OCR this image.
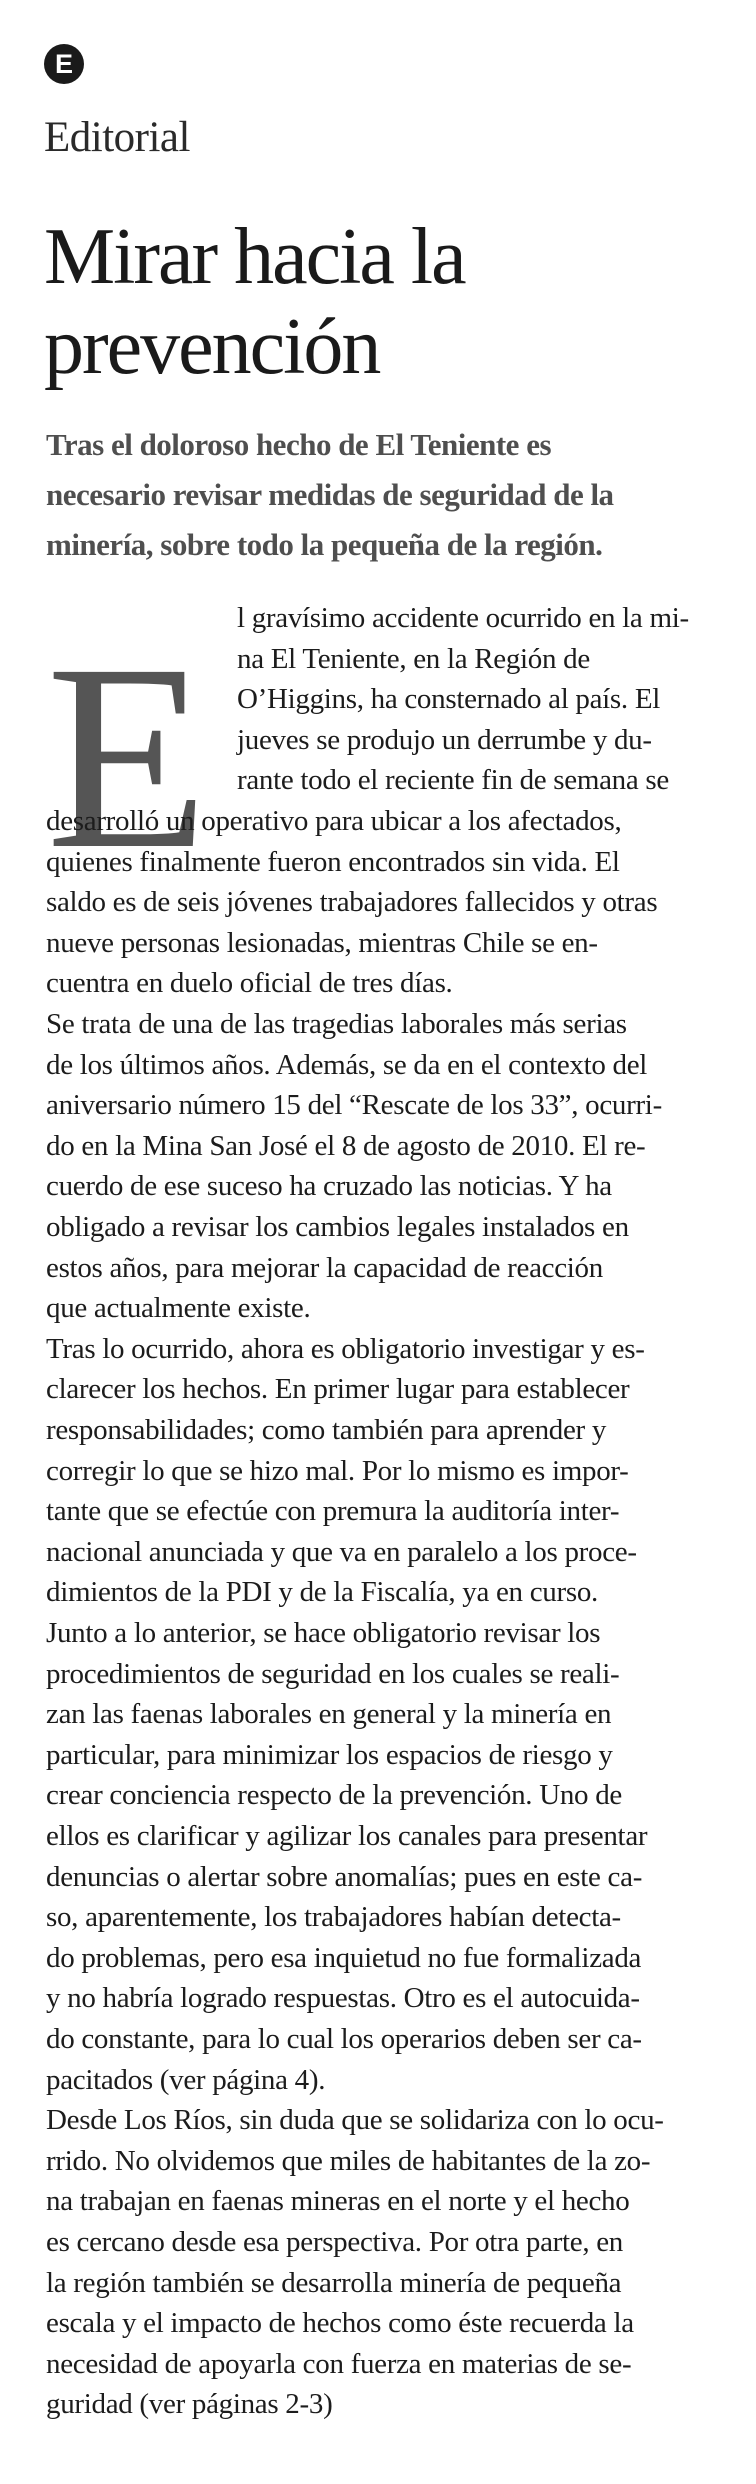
E
Editorial
Mirar hacia la
prevención

Tras el doloroso hecho de El Teniente es
necesario revisar medidas de seguridad de la
minería, sobre todo la pequeña de la región.

E l gravísimo accidente ocurrido en la mi-
na El Teniente, en la Región de
O’Higgins, ha consternado al país. El
jueves se produjo un derrumbe y du-
rante todo el reciente fin de semana se
desarrolló un operativo para ubicar a los afectados,
quienes finalmente fueron encontrados sin vida. El
saldo es de seis jóvenes trabajadores fallecidos y otras
nueve personas lesionadas, mientras Chile se en-
cuentra en duelo oficial de tres días.
Se trata de una de las tragedias laborales más serias
de los últimos años. Además, se da en el contexto del
aniversario número 15 del “Rescate de los 33”, ocurri-
do en la Mina San José el 8 de agosto de 2010. El re-
cuerdo de ese suceso ha cruzado las noticias. Y ha
obligado a revisar los cambios legales instalados en
estos años, para mejorar la capacidad de reacción
que actualmente existe.
Tras lo ocurrido, ahora es obligatorio investigar y es-
clarecer los hechos. En primer lugar para establecer
responsabilidades; como también para aprender y
corregir lo que se hizo mal. Por lo mismo es impor-
tante que se efectúe con premura la auditoría inter-
nacional anunciada y que va en paralelo a los proce-
dimientos de la PDI y de la Fiscalía, ya en curso.
Junto a lo anterior, se hace obligatorio revisar los
procedimientos de seguridad en los cuales se reali-
zan las faenas laborales en general y la minería en
particular, para minimizar los espacios de riesgo y
crear conciencia respecto de la prevención. Uno de
ellos es clarificar y agilizar los canales para presentar
denuncias o alertar sobre anomalías; pues en este ca-
so, aparentemente, los trabajadores habían detecta-
do problemas, pero esa inquietud no fue formalizada
y no habría logrado respuestas. Otro es el autocuida-
do constante, para lo cual los operarios deben ser ca-
pacitados (ver página 4).
Desde Los Ríos, sin duda que se solidariza con lo ocu-
rrido. No olvidemos que miles de habitantes de la zo-
na trabajan en faenas mineras en el norte y el hecho
es cercano desde esa perspectiva. Por otra parte, en
la región también se desarrolla minería de pequeña
escala y el impacto de hechos como éste recuerda la
necesidad de apoyarla con fuerza en materias de se-
guridad (ver páginas 2-3)
